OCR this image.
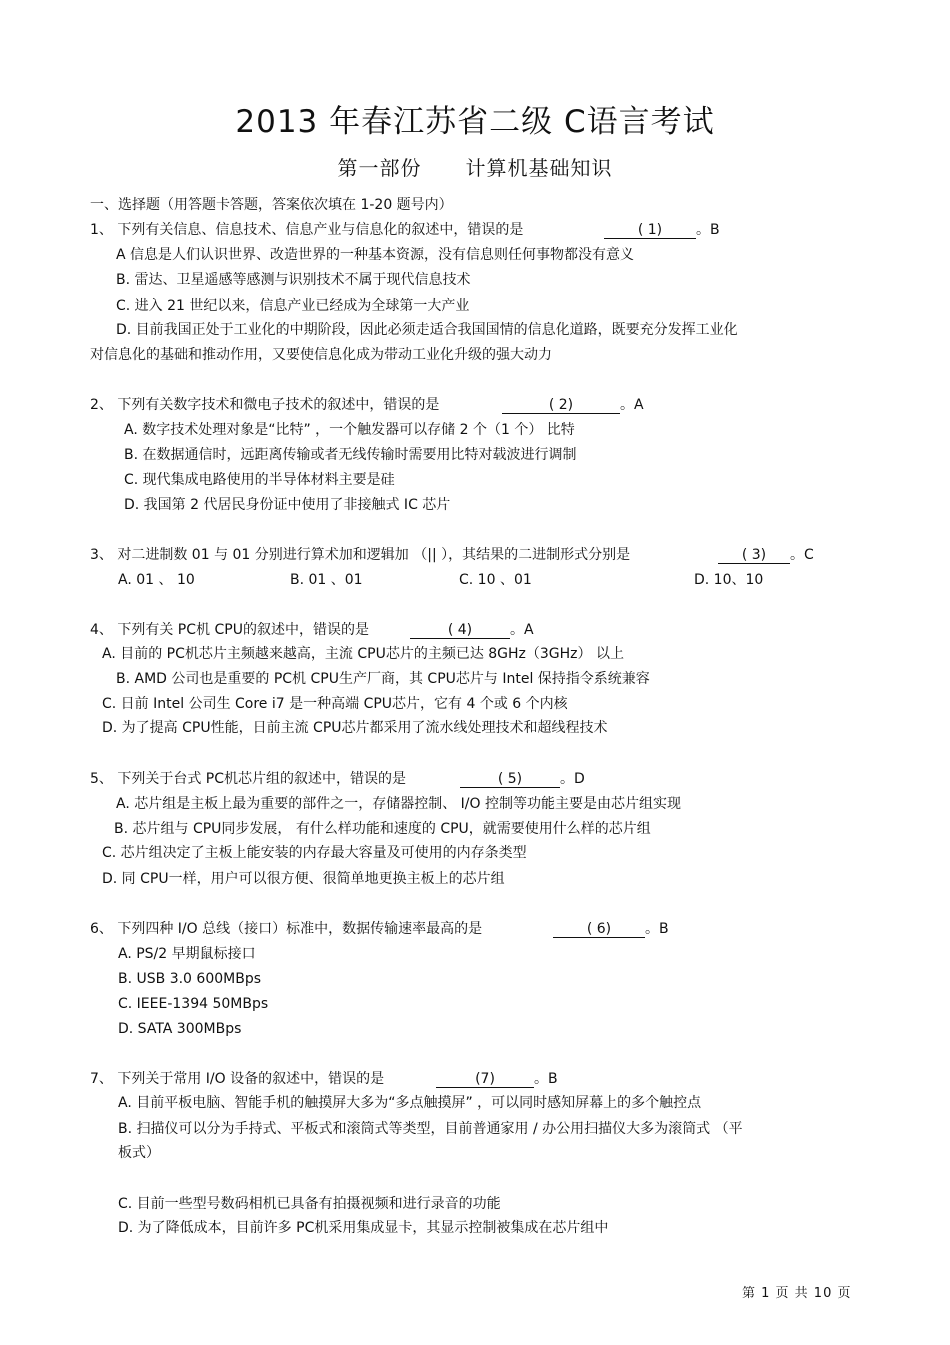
2013 年春江苏省二级 C语言考试
第一部份 计算机基础知识
一、选择题（用答题卡答题，答案依次填在 1-20 题号内）
1、 下列有关信息、信息技术、信息产业与信息化的叙述中，错误的是	( 1) 。B
A 信息是人们认识世界、改造世界的一种基本资源，没有信息则任何事物都没有意义
B. 雷达、卫星遥感等感测与识别技术不属于现代信息技术
C. 进入 21 世纪以来，信息产业已经成为全球第一大产业
D. 目前我国正处于工业化的中期阶段，因此必须走适合我国国情的信息化道路，既要充分发挥工业化
对信息化的基础和推动作用，又要使信息化成为带动工业化升级的强大动力
2、 下列有关数字技术和微电子技术的叙述中，错误的是	( 2)	。A
A. 数字技术处理对象是“比特” ，一个触发器可以存储 2 个（1 个） 比特
B. 在数据通信时，远距离传输或者无线传输时需要用比特对载波进行调制
C. 现代集成电路使用的半导体材料主要是硅
D. 我国第 2 代居民身份证中使用了非接触式 IC 芯片
3、 对二进制数 01 与 01 分别进行算术加和逻辑加 （|| ），其结果的二进制形式分别是	( 3) 。C
A. 01 、 10	B. 01 、01	C. 10 、01	D. 10、10
4、 下列有关 PC机 CPU的叙述中，错误的是	( 4)	。A
A. 目前的 PC机芯片主频越来越高，主流 CPU芯片的主频已达 8GHz（3GHz） 以上
B. AMD 公司也是重要的 PC机 CPU生产厂商，其 CPU芯片与 Intel 保持指令系统兼容
C. 日前 Intel 公司生 Core i7 是一种高端 CPU芯片，它有 4 个或 6 个内核
D. 为了提高 CPU性能，日前主流 CPU芯片都采用了流水线处理技术和超线程技术
5、 下列关于台式 PC机芯片组的叙述中，错误的是	( 5)	。D
A. 芯片组是主板上最为重要的部件之一，存储器控制、 I/O 控制等功能主要是由芯片组实现
B. 芯片组与 CPU同步发展， 有什么样功能和速度的 CPU，就需要使用什么样的芯片组
C. 芯片组决定了主板上能安装的内存最大容量及可使用的内存条类型
D. 同 CPU一样，用户可以很方便、很简单地更换主板上的芯片组
6、 下列四种 I/O 总线（接口）标准中，数据传输速率最高的是	( 6) 。B
A. PS/2 早期鼠标接口
B. USB 3.0 600MBps
C. IEEE-1394 50MBps
D. SATA 300MBps
7、 下列关于常用 I/O 设备的叙述中，错误的是	(7)	。B
A. 目前平板电脑、智能手机的触摸屏大多为“多点触摸屏” ，可以同时感知屏幕上的多个触控点
B. 扫描仪可以分为手持式、平板式和滚筒式等类型，目前普通家用 / 办公用扫描仪大多为滚筒式 （平
板式）
C. 目前一些型号数码相机已具备有拍摄视频和进行录音的功能
D. 为了降低成本，目前许多 PC机采用集成显卡，其显示控制被集成在芯片组中
第 1 页 共 10 页
